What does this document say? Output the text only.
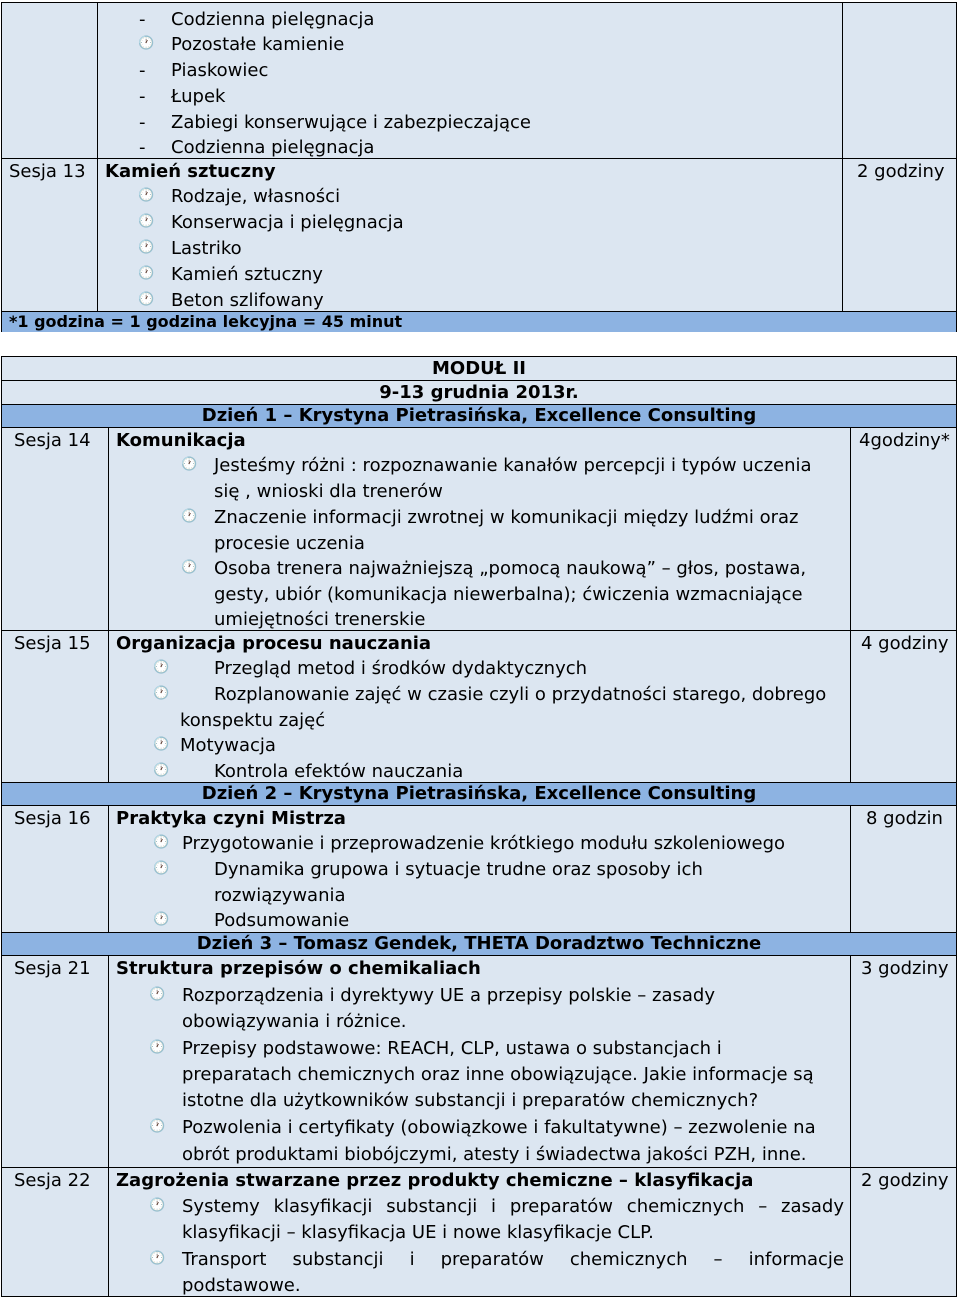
- Codzienna pielęgnacja
🕐 Pozostałe kamienie
- Piaskowiec
- Łupek
- Zabiegi konserwujące i zabezpieczające
- Codzienna pielęgnacja
Sesja 13 Kamień sztuczny
🕐 Rodzaje, własności
🕐 Konserwacja i pielęgnacja
🕐 Lastriko
🕐 Kamień sztuczny
🕐 Beton szlifowany
2 godziny
*1 godzina = 1 godzina lekcyjna = 45 minut
MODUŁ II
9-13 grudnia 2013r.
Dzień 1 – Krystyna Pietrasińska, Excellence Consulting
Sesja 14 Komunikacja
🕐 Jesteśmy różni : rozpoznawanie kanałów percepcji i typów uczenia
się , wnioski dla trenerów
🕐 Znaczenie informacji zwrotnej w komunikacji między ludźmi oraz
procesie uczenia
🕐 Osoba trenera najważniejszą „pomocą naukową” – głos, postawa,
gesty, ubiór (komunikacja niewerbalna); ćwiczenia wzmacniające
umiejętności trenerskie
4godziny*
Sesja 15 Organizacja procesu nauczania
🕐 Przegląd metod i środków dydaktycznych
🕐 Rozplanowanie zajęć w czasie czyli o przydatności starego, dobrego
konspektu zajęć
🕐 Motywacja
🕐 Kontrola efektów nauczania
4 godziny
Dzień 2 – Krystyna Pietrasińska, Excellence Consulting
Sesja 16 Praktyka czyni Mistrza
🕐 Przygotowanie i przeprowadzenie krótkiego modułu szkoleniowego
🕐 Dynamika grupowa i sytuacje trudne oraz sposoby ich
rozwiązywania
🕐 Podsumowanie
8 godzin
Dzień 3 – Tomasz Gendek, THETA Doradztwo Techniczne
Sesja 21 Struktura przepisów o chemikaliach
🕐 Rozporządzenia i dyrektywy UE a przepisy polskie – zasady
obowiązywania i różnice.
🕐 Przepisy podstawowe: REACH, CLP, ustawa o substancjach i
preparatach chemicznych oraz inne obowiązujące. Jakie informacje są
istotne dla użytkowników substancji i preparatów chemicznych?
🕐 Pozwolenia i certyfikaty (obowiązkowe i fakultatywne) – zezwolenie na
obrót produktami biobójczymi, atesty i świadectwa jakości PZH, inne.
3 godziny
Sesja 22 Zagrożenia stwarzane przez produkty chemiczne – klasyfikacja
🕐 Systemy klasyfikacji substancji i preparatów chemicznych – zasady
klasyfikacji – klasyfikacja UE i nowe klasyfikacje CLP.
🕐 Transport substancji i preparatów chemicznych – informacje
podstawowe.
2 godziny
